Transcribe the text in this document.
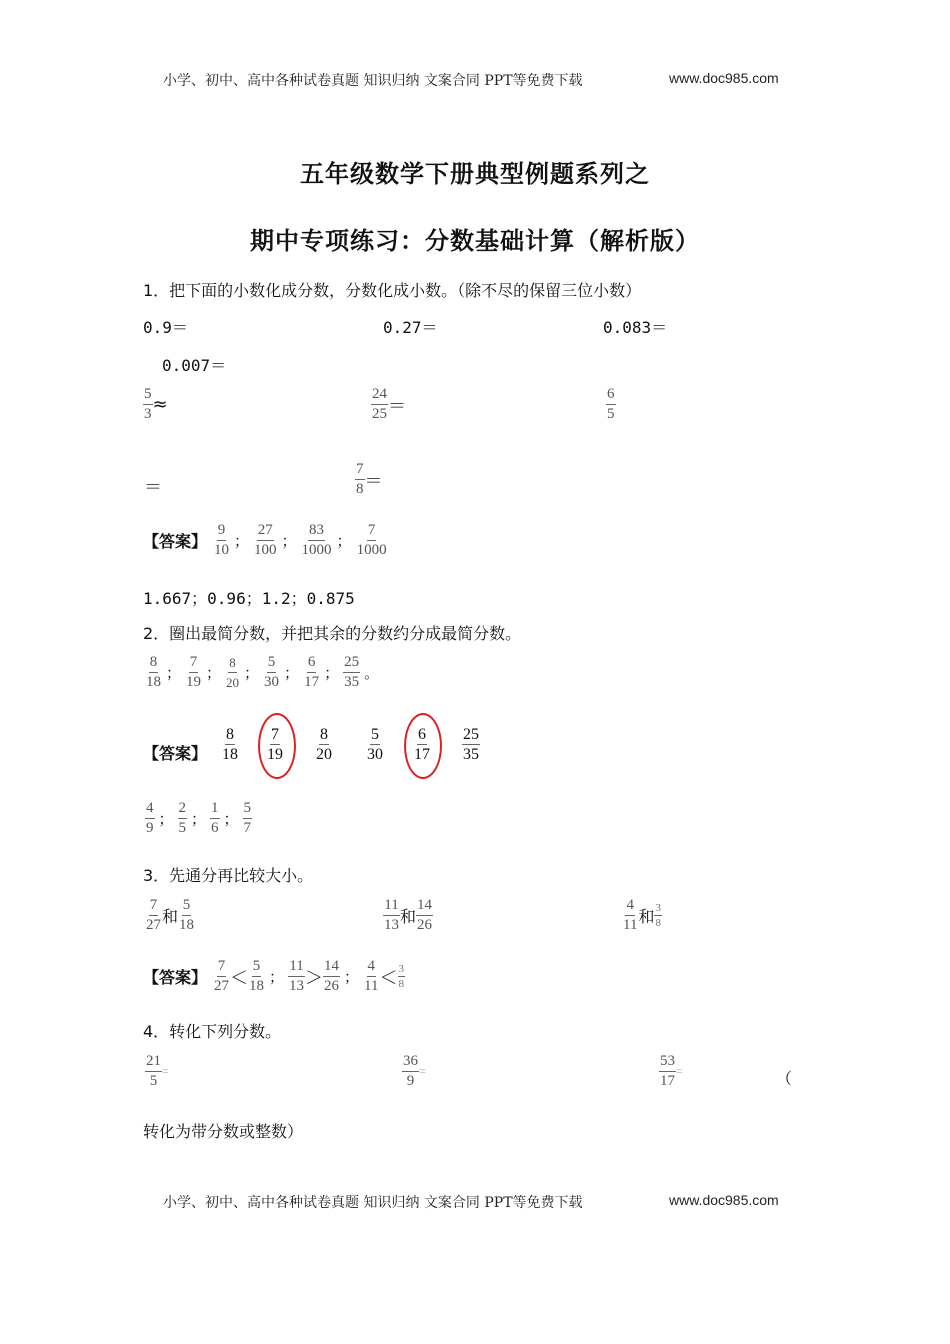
小学、初中、高中各种试卷真题 知识归纳 文案合同 PPT等免费下载	www.doc985.com
五年级数学下册典型例题系列之
期中专项练习：分数基础计算（解析版）
1．把下面的小数化成分数，分数化成小数。（除不尽的保留三位小数）
0.9＝	0.27＝	0.083＝
0.007＝
$\frac{5}{3}$ ≈	$\frac{24}{25}$ ＝	$\frac{6}{5}$
＝	$\frac{7}{8}$ ＝
【答案】 $\frac{9}{10}$ ； $\frac{27}{100}$ ； $\frac{83}{1000}$ ； $\frac{7}{1000}$
1.667；0.96；1.2；0.875
2．圈出最简分数，并把其余的分数约分成最简分数。
$\frac{8}{18}$ ； $\frac{7}{19}$ ； $\frac{8}{20}$ ； $\frac{5}{30}$ ； $\frac{6}{17}$ ； $\frac{25}{35}$ 。
【答案】 $\frac{8}{18} \frac{7}{19} \frac{8}{20} \frac{5}{30} \frac{6}{17} \frac{25}{35}$
$\frac{4}{9}$ ； $\frac{2}{5}$ ； $\frac{1}{6}$ ； $\frac{5}{7}$
3．先通分再比较大小。
$\frac{7}{27}$ 和 $\frac{5}{18}$	$\frac{11}{13}$ 和 $\frac{14}{26}$	$\frac{4}{11}$ 和 $\frac{3}{8}$
【答案】 $\frac{7}{27} < \frac{5}{18}$ ； $\frac{11}{13} > \frac{14}{26}$ ； $\frac{4}{11} < \frac{3}{8}$
4．转化下列分数。
$\frac{21}{5}$ =	$\frac{36}{9}$ =	$\frac{53}{17}$ =	（
转化为带分数或整数）
小学、初中、高中各种试卷真题 知识归纳 文案合同 PPT等免费下载	www.doc985.com
